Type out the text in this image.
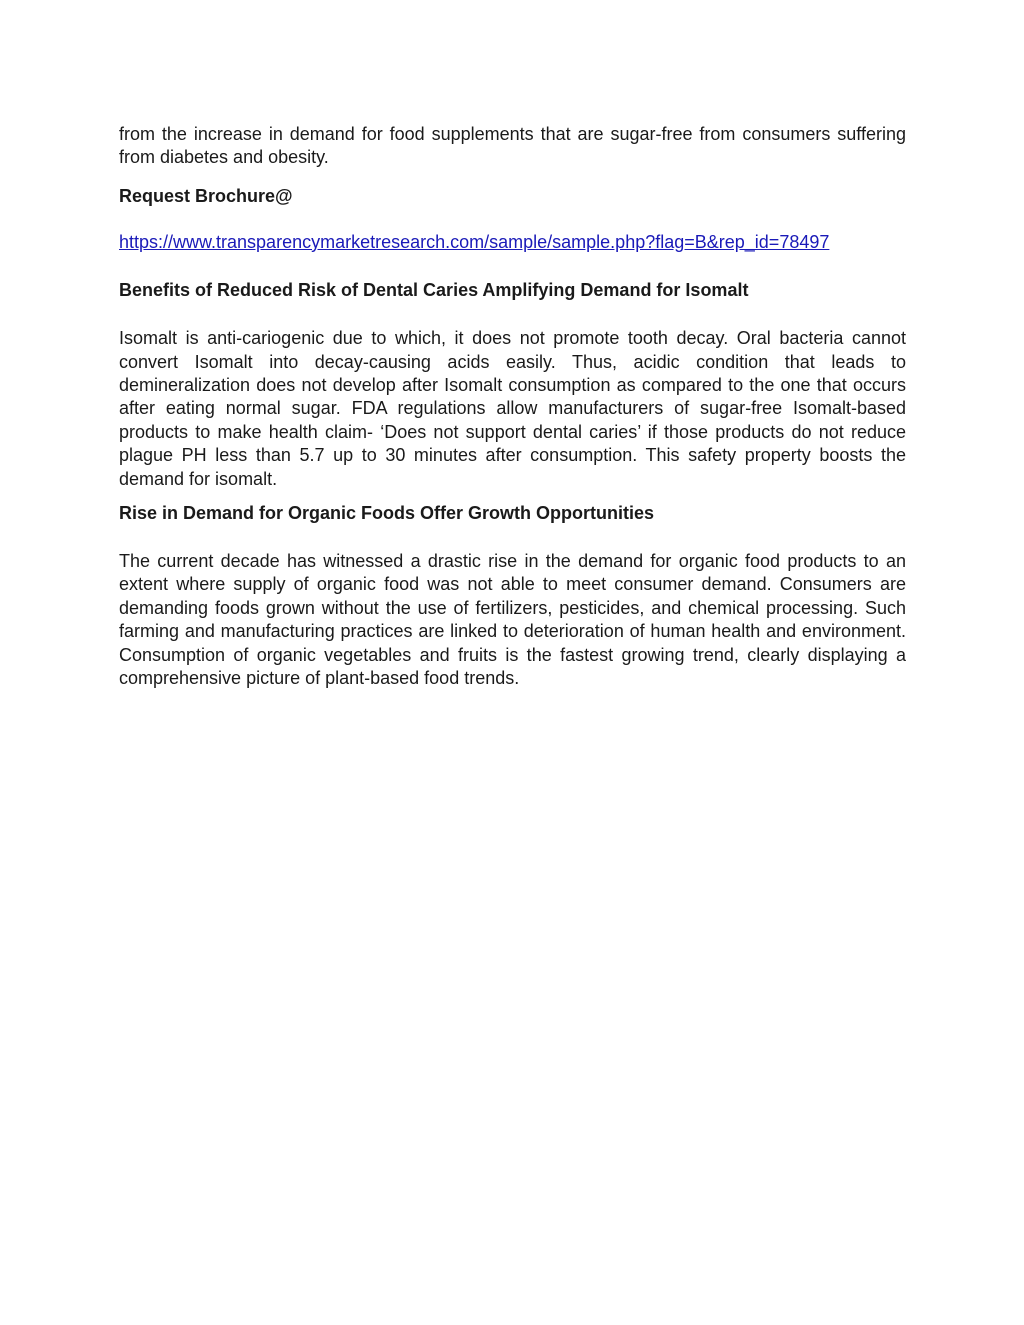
from the increase in demand for food supplements that are sugar-free from consumers suffering from diabetes and obesity.

Request Brochure@

https://www.transparencymarketresearch.com/sample/sample.php?flag=B&rep_id=78497

Benefits of Reduced Risk of Dental Caries Amplifying Demand for Isomalt

Isomalt is anti-cariogenic due to which, it does not promote tooth decay. Oral bacteria cannot convert Isomalt into decay-causing acids easily. Thus, acidic condition that leads to demineralization does not develop after Isomalt consumption as compared to the one that occurs after eating normal sugar. FDA regulations allow manufacturers of sugar-free Isomalt-based products to make health claim- ‘Does not support dental caries’ if those products do not reduce plague PH less than 5.7 up to 30 minutes after consumption. This safety property boosts the demand for isomalt.

Rise in Demand for Organic Foods Offer Growth Opportunities

The current decade has witnessed a drastic rise in the demand for organic food products to an extent where supply of organic food was not able to meet consumer demand. Consumers are demanding foods grown without the use of fertilizers, pesticides, and chemical processing. Such farming and manufacturing practices are linked to deterioration of human health and environment. Consumption of organic vegetables and fruits is the fastest growing trend, clearly displaying a comprehensive picture of plant-based food trends.
